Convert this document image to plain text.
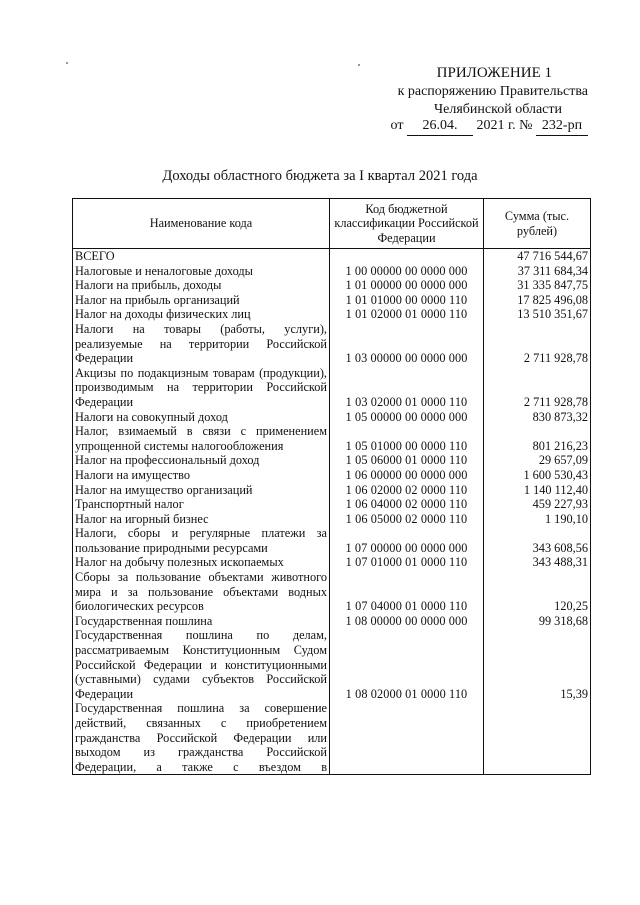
ПРИЛОЖЕНИЕ 1
к распоряжению Правительства
Челябинской области
от 26.04. 2021 г. № 232-рп
Доходы областного бюджета за I квартал 2021 года
Наименование кода	Код бюджетной классификации Российской Федерации	Сумма (тыс. рублей)
ВСЕГО		47 716 544,67
Налоговые и неналоговые доходы	1 00 00000 00 0000 000	37 311 684,34
Налоги на прибыль, доходы	1 01 00000 00 0000 000	31 335 847,75
Налог на прибыль организаций	1 01 01000 00 0000 110	17 825 496,08
Налог на доходы физических лиц	1 01 02000 01 0000 110	13 510 351,67
Налоги на товары (работы, услуги), реализуемые на территории Российской Федерации	1 03 00000 00 0000 000	2 711 928,78
Акцизы по подакцизным товарам (продукции), производимым на территории Российской Федерации	1 03 02000 01 0000 110	2 711 928,78
Налоги на совокупный доход	1 05 00000 00 0000 000	830 873,32
Налог, взимаемый в связи с применением упрощенной системы налогообложения	1 05 01000 00 0000 110	801 216,23
Налог на профессиональный доход	1 05 06000 01 0000 110	29 657,09
Налоги на имущество	1 06 00000 00 0000 000	1 600 530,43
Налог на имущество организаций	1 06 02000 02 0000 110	1 140 112,40
Транспортный налог	1 06 04000 02 0000 110	459 227,93
Налог на игорный бизнес	1 06 05000 02 0000 110	1 190,10
Налоги, сборы и регулярные платежи за пользование природными ресурсами	1 07 00000 00 0000 000	343 608,56
Налог на добычу полезных ископаемых	1 07 01000 01 0000 110	343 488,31
Сборы за пользование объектами животного мира и за пользование объектами водных биологических ресурсов	1 07 04000 01 0000 110	120,25
Государственная пошлина	1 08 00000 00 0000 000	99 318,68
Государственная пошлина по делам, рассматриваемым Конституционным Судом Российской Федерации и конституционными (уставными) судами субъектов Российской Федерации	1 08 02000 01 0000 110	15,39
Государственная пошлина за совершение действий, связанных с приобретением гражданства Российской Федерации или выходом из гражданства Российской Федерации, а также с въездом в		
